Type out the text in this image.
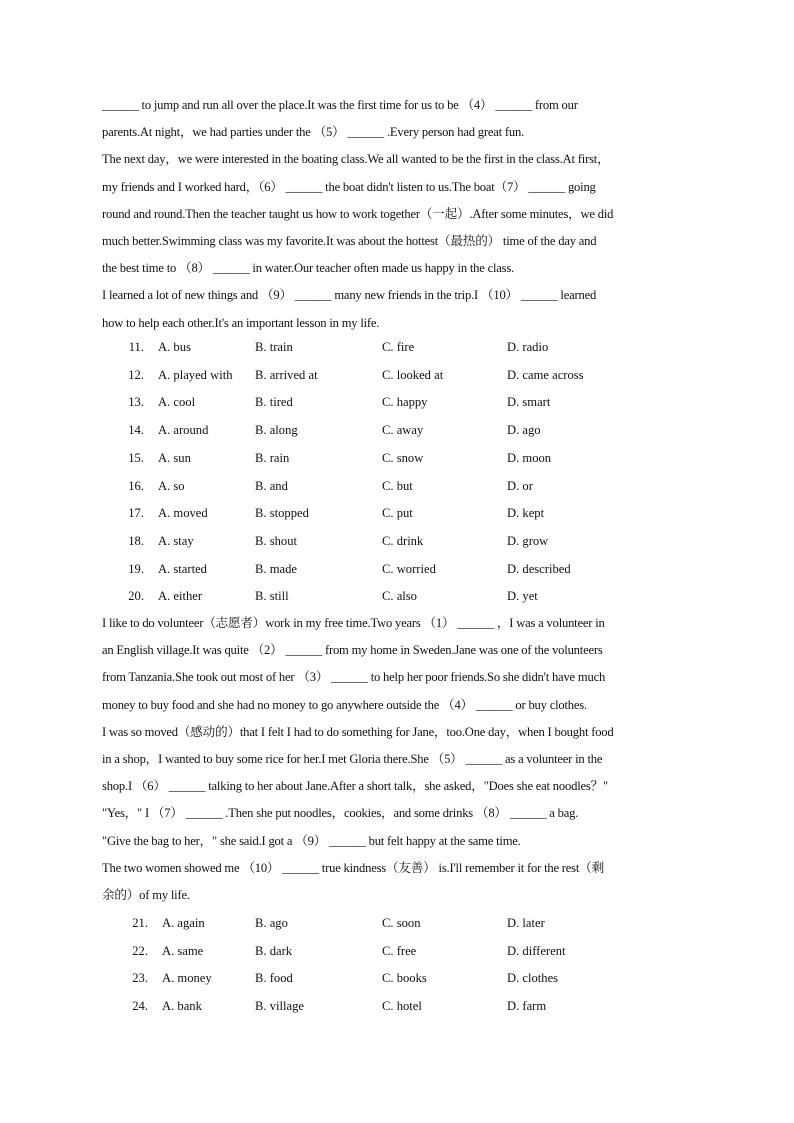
______ to jump and run all over the place.It was the first time for us to be （4） ______ from our
parents.At night，we had parties under the （5） ______ .Every person had great fun.
The next day，we were interested in the boating class.We all wanted to be the first in the class.At first，
my friends and I worked hard，（6） ______ the boat didn't listen to us.The boat（7） ______ going
round and round.Then the teacher taught us how to work together（一起）.After some minutes，we did
much better.Swimming class was my favorite.It was about the hottest（最热的） time of the day and
the best time to （8） ______ in water.Our teacher often made us happy in the class.
I learned a lot of new things and （9） ______ many new friends in the trip.I （10） ______ learned
how to help each other.It's an important lesson in my life.
11. A. bus	B. train	C. fire	D. radio
12. A. played with B. arrived at	C. looked at	D. came across
13. A. cool	B. tired	C. happy	D. smart
14. A. around	B. along	C. away	D. ago
15. A. sun	B. rain	C. snow	D. moon
16. A. so	B. and	C. but	D. or
17. A. moved	B. stopped	C. put	D. kept
18. A. stay	B. shout	C. drink	D. grow
19. A. started	B. made	C. worried	D. described
20. A. either	B. still	C. also	D. yet
I like to do volunteer（志愿者）work in my free time.Two years （1） ______ ，I was a volunteer in
an English village.It was quite （2） ______ from my home in Sweden.Jane was one of the volunteers
from Tanzania.She took out most of her （3） ______ to help her poor friends.So she didn't have much
money to buy food and she had no money to go anywhere outside the （4） ______ or buy clothes.
I was so moved（感动的）that I felt I had to do something for Jane，too.One day，when I bought food
in a shop，I wanted to buy some rice for her.I met Gloria there.She （5） ______ as a volunteer in the
shop.I （6） ______ talking to her about Jane.After a short talk，she asked，"Does she eat noodles？"
"Yes，" I （7） ______ .Then she put noodles，cookies，and some drinks （8） ______ a bag.
"Give the bag to her，" she said.I got a （9） ______ but felt happy at the same time.
The two women showed me （10） ______ true kindness（友善） is.I'll remember it for the rest（剩
余的）of my life.
21. A. again	B. ago	C. soon	D. later
22. A. same	B. dark	C. free	D. different
23. A. money	B. food	C. books	D. clothes
24. A. bank	B. village	C. hotel	D. farm
